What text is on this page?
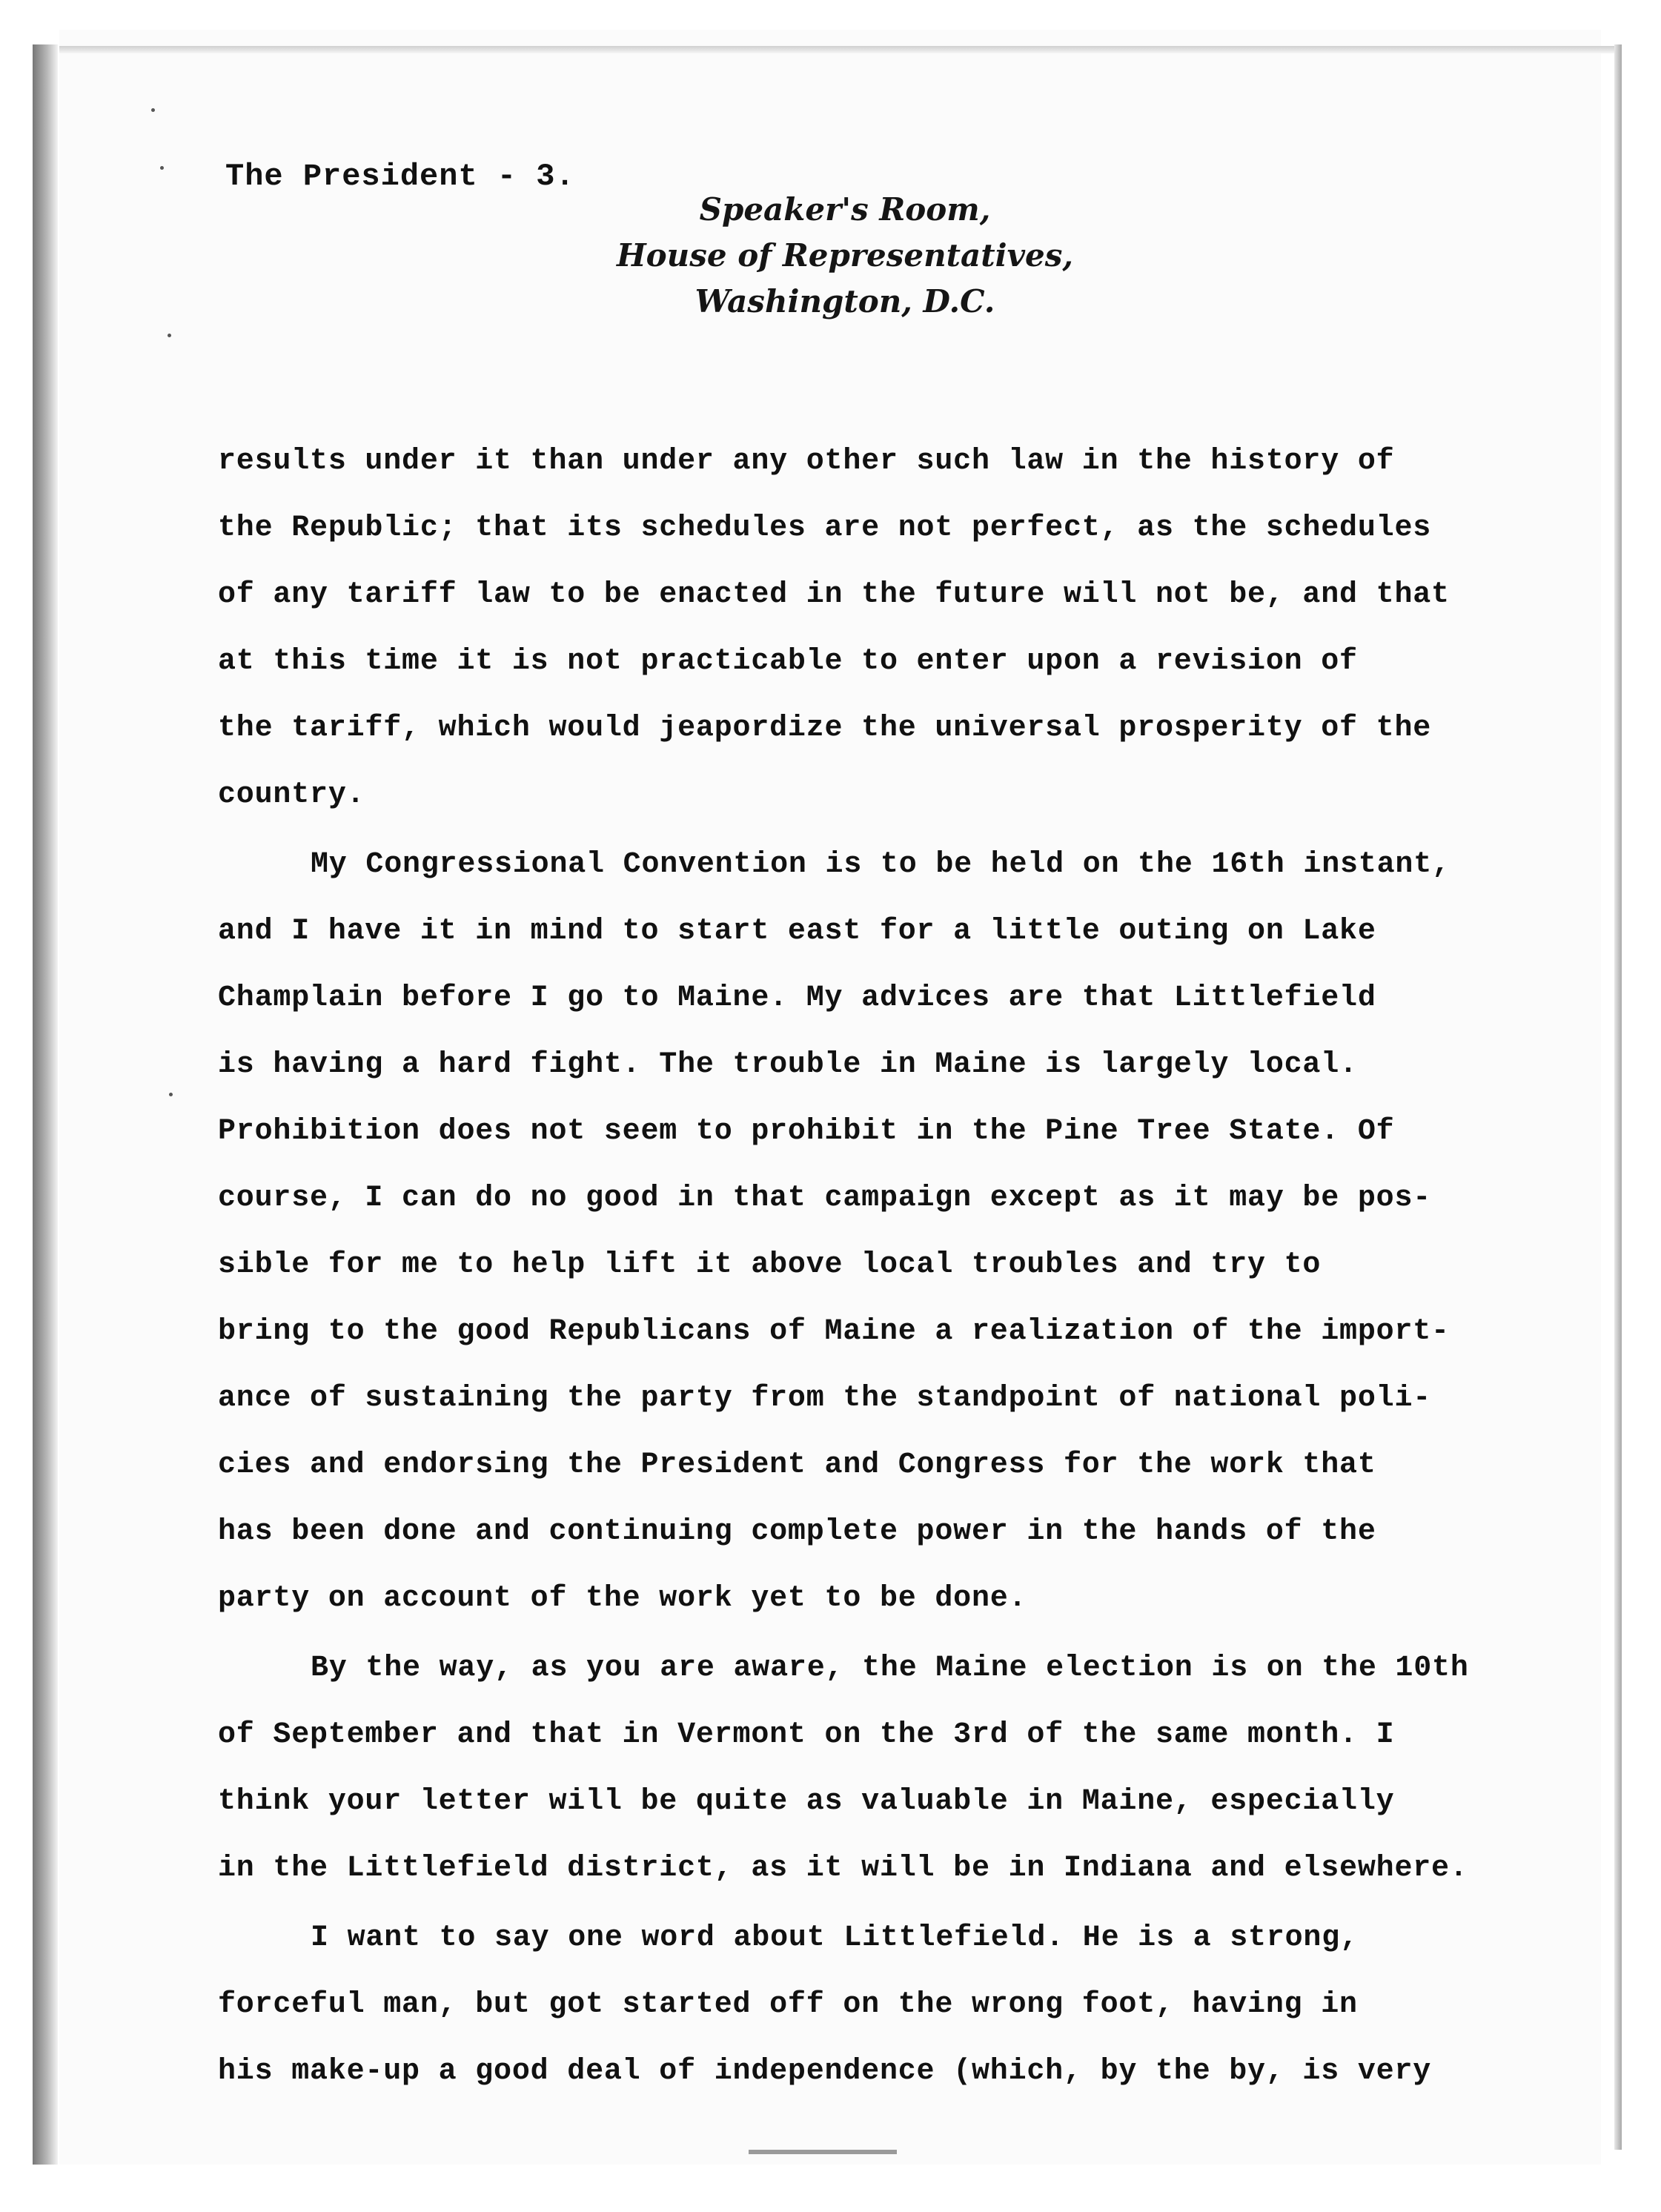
The President - 3.
Speaker's Room,
House of Representatives,
Washington, D.C.
results under it than under any other such law in the history of
the Republic; that its schedules are not perfect, as the schedules
of any tariff law to be enacted in the future will not be, and that
at this time it is not practicable to enter upon a revision of
the tariff, which would jeapordize the universal prosperity of the
country.
My Congressional Convention is to be held on the 16th instant,
and I have it in mind to start east for a little outing on Lake
Champlain before I go to Maine. My advices are that Littlefield
is having a hard fight. The trouble in Maine is largely local.
Prohibition does not seem to prohibit in the Pine Tree State. Of
course, I can do no good in that campaign except as it may be pos-
sible for me to help lift it above local troubles and try to
bring to the good Republicans of Maine a realization of the import-
ance of sustaining the party from the standpoint of national poli-
cies and endorsing the President and Congress for the work that
has been done and continuing complete power in the hands of the
party on account of the work yet to be done.
By the way, as you are aware, the Maine election is on the 10th
of September and that in Vermont on the 3rd of the same month. I
think your letter will be quite as valuable in Maine, especially
in the Littlefield district, as it will be in Indiana and elsewhere.
I want to say one word about Littlefield. He is a strong,
forceful man, but got started off on the wrong foot, having in
his make-up a good deal of independence (which, by the by, is very
